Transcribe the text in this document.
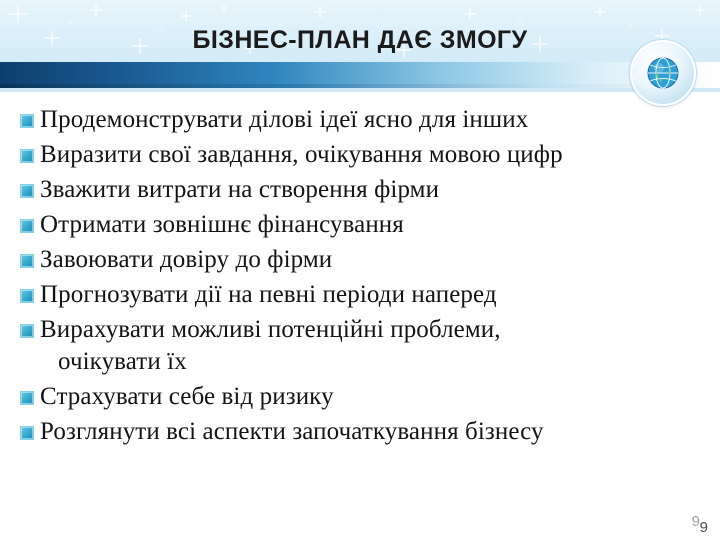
БІЗНЕС-ПЛАН ДАЄ ЗМОГУ
Продемонструвати ділові ідеї ясно для інших
Виразити свої завдання, очікування мовою цифр
Зважити витрати на створення фірми
Отримати зовнішнє фінансування
Завоювати довіру до фірми
Прогнозувати дії на певні періоди наперед
Вирахувати можливі потенційні проблеми,
очікувати їх
Страхувати себе від ризику
Розглянути всі аспекти започаткування бізнесу
9 9
